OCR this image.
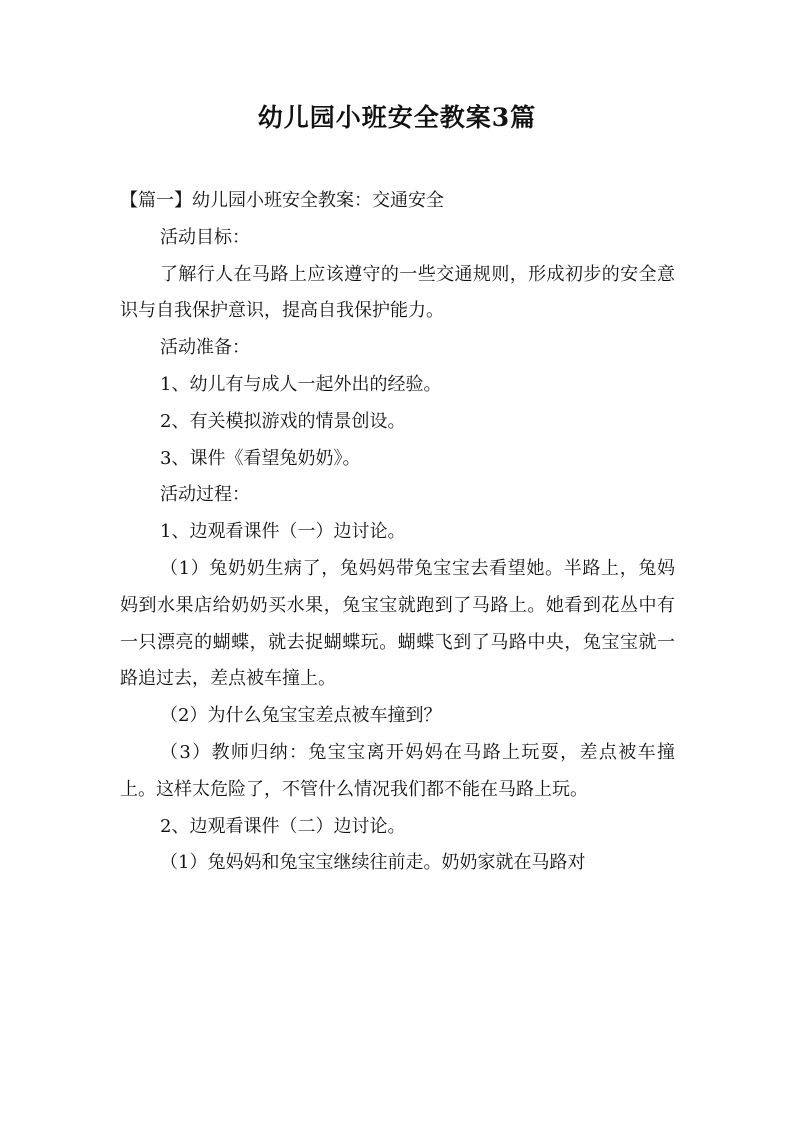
幼儿园小班安全教案3篇

【篇一】幼儿园小班安全教案：交通安全

活动目标：

了解行人在马路上应该遵守的一些交通规则，形成初步的安全意识与自我保护意识，提高自我保护能力。

活动准备：

1、幼儿有与成人一起外出的经验。

2、有关模拟游戏的情景创设。

3、课件《看望兔奶奶》。

活动过程：

1、边观看课件（一）边讨论。

（1）兔奶奶生病了，兔妈妈带兔宝宝去看望她。半路上，兔妈妈到水果店给奶奶买水果，兔宝宝就跑到了马路上。她看到花丛中有一只漂亮的蝴蝶，就去捉蝴蝶玩。蝴蝶飞到了马路中央，兔宝宝就一路追过去，差点被车撞上。

（2）为什么兔宝宝差点被车撞到？

（3）教师归纳：兔宝宝离开妈妈在马路上玩耍，差点被车撞上。这样太危险了，不管什么情况我们都不能在马路上玩。

2、边观看课件（二）边讨论。

（1）兔妈妈和兔宝宝继续往前走。奶奶家就在马路对
